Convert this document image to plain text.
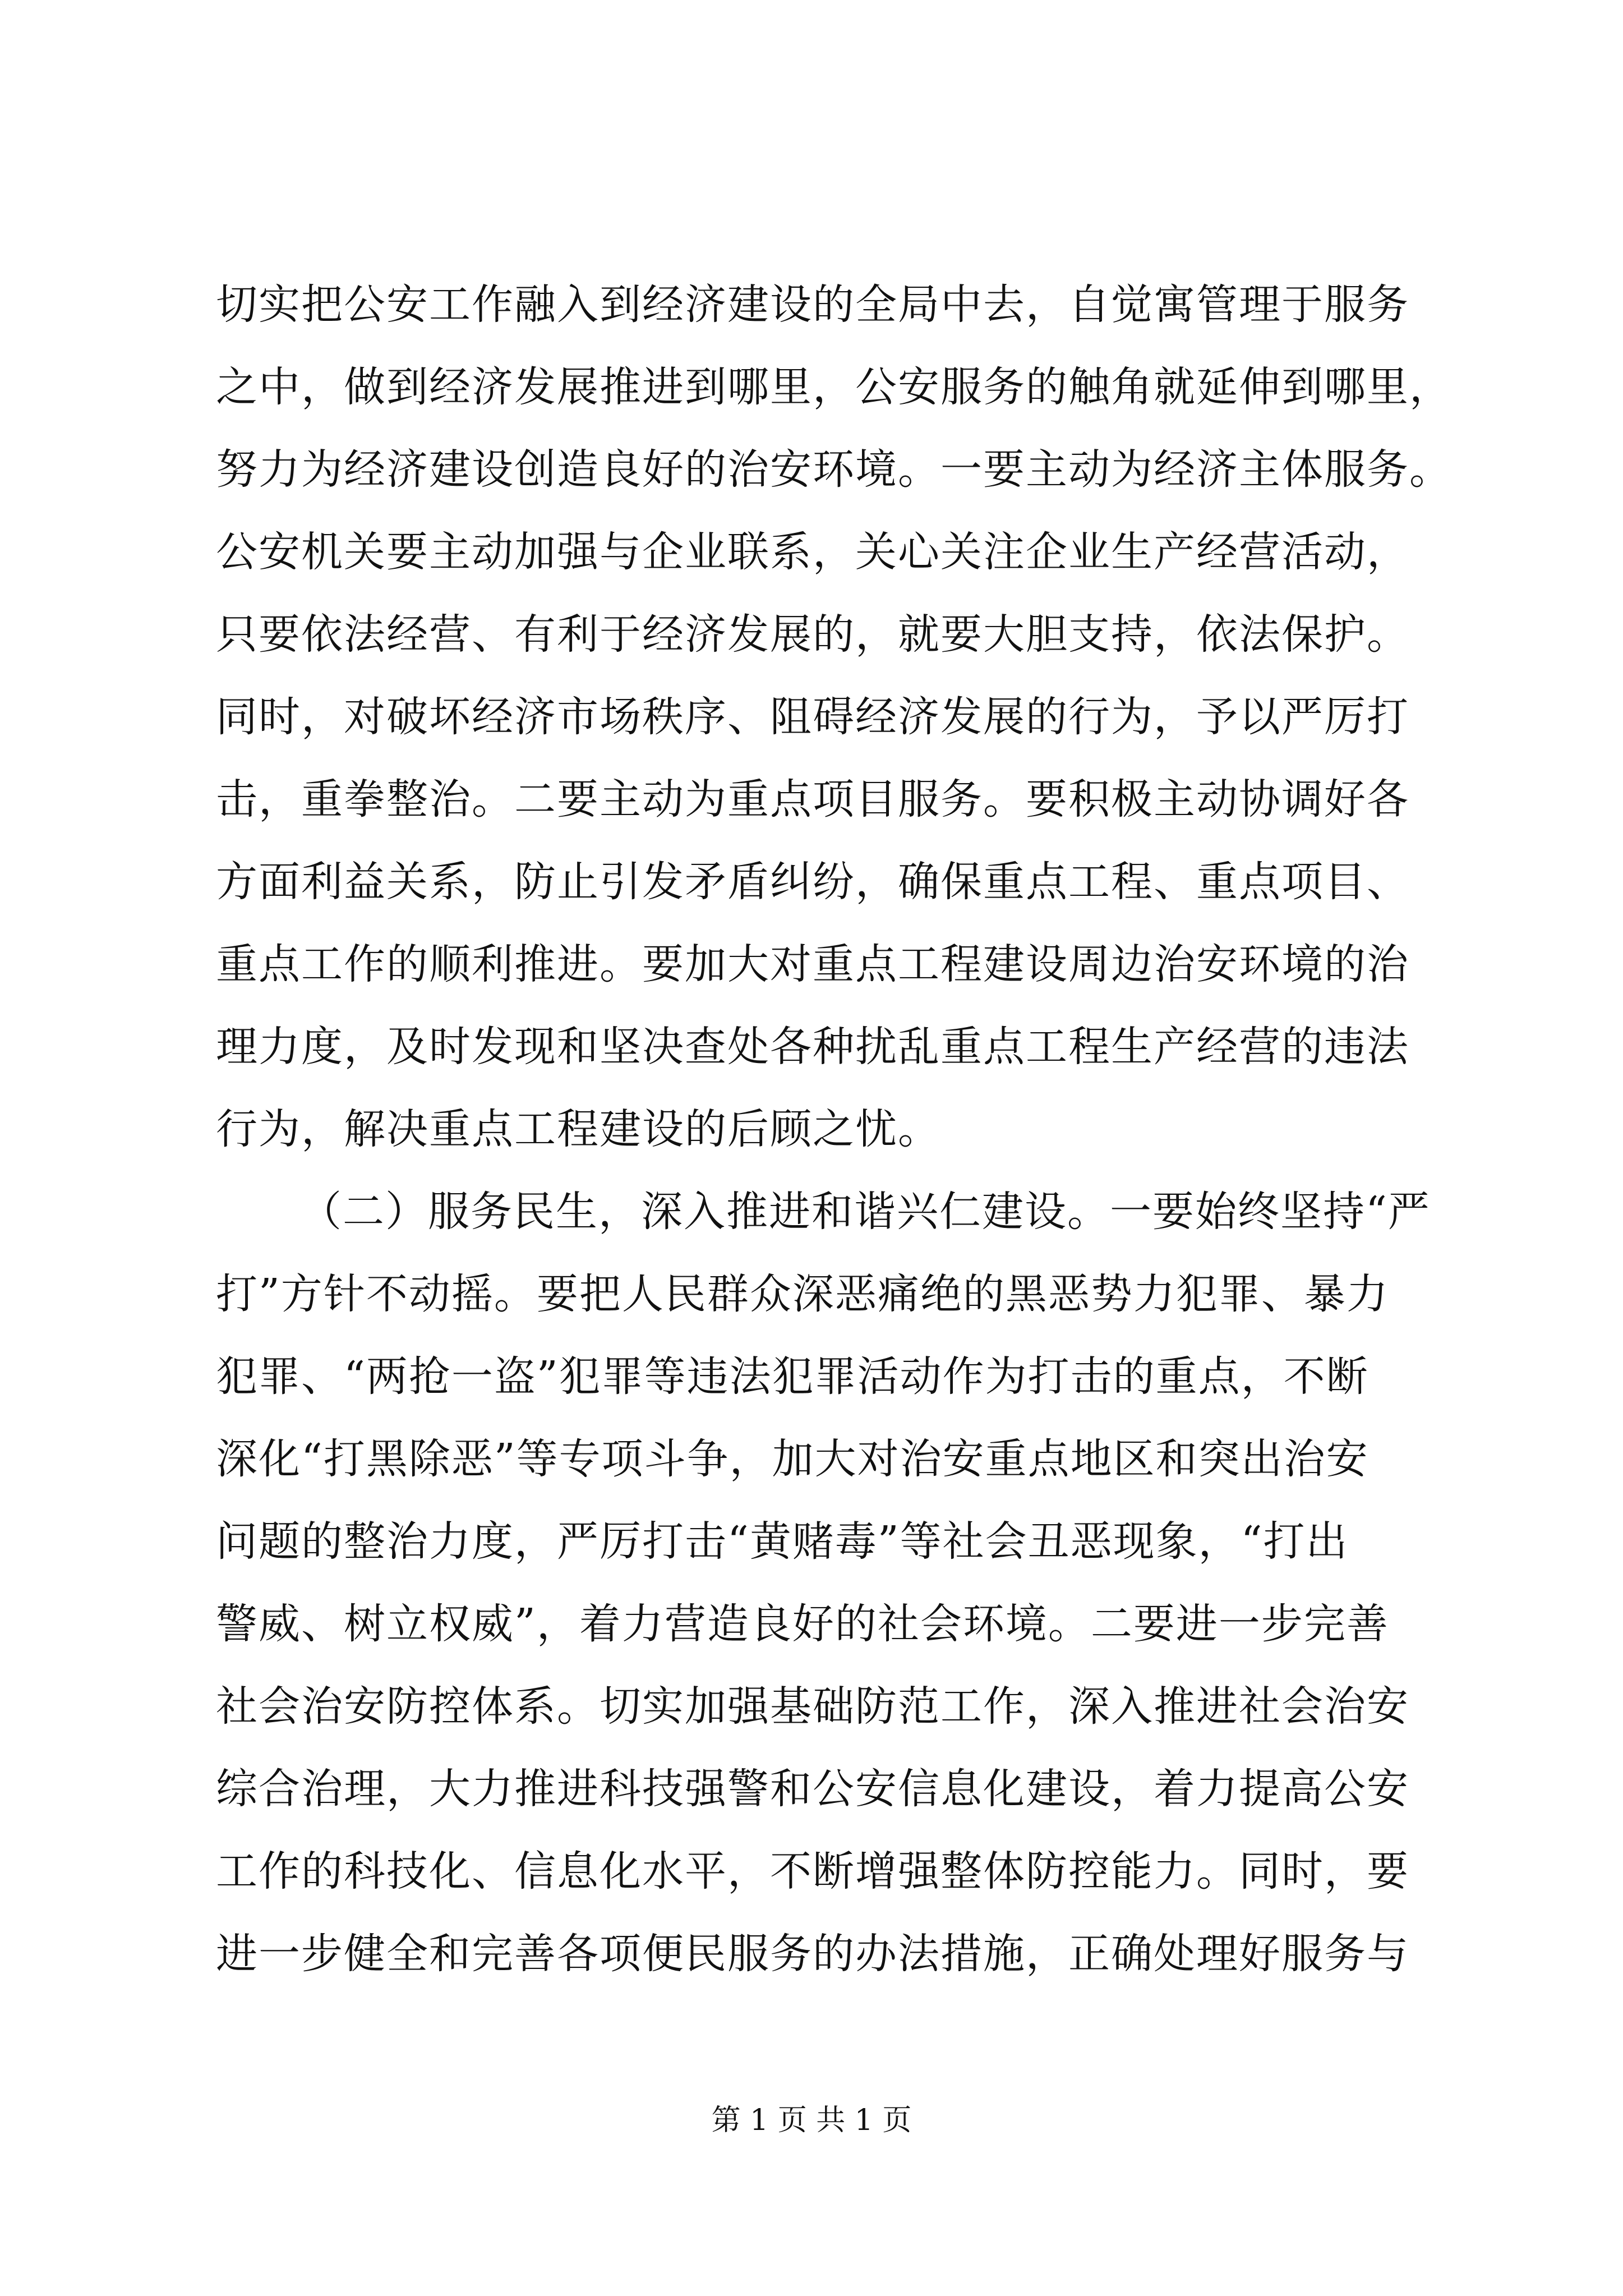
切实把公安工作融入到经济建设的全局中去，自觉寓管理于服务
之中，做到经济发展推进到哪里，公安服务的触角就延伸到哪里，
努力为经济建设创造良好的治安环境。一要主动为经济主体服务。
公安机关要主动加强与企业联系，关心关注企业生产经营活动，
只要依法经营、有利于经济发展的，就要大胆支持，依法保护。
同时，对破坏经济市场秩序、阻碍经济发展的行为，予以严厉打
击，重拳整治。二要主动为重点项目服务。要积极主动协调好各
方面利益关系，防止引发矛盾纠纷，确保重点工程、重点项目、
重点工作的顺利推进。要加大对重点工程建设周边治安环境的治
理力度，及时发现和坚决查处各种扰乱重点工程生产经营的违法
行为，解决重点工程建设的后顾之忧。
（二）服务民生，深入推进和谐兴仁建设。一要始终坚持“严
打”方针不动摇。要把人民群众深恶痛绝的黑恶势力犯罪、暴力
犯罪、“两抢一盗”犯罪等违法犯罪活动作为打击的重点，不断
深化“打黑除恶”等专项斗争，加大对治安重点地区和突出治安
问题的整治力度，严厉打击“黄赌毒”等社会丑恶现象，“打出
警威、树立权威”，着力营造良好的社会环境。二要进一步完善
社会治安防控体系。切实加强基础防范工作，深入推进社会治安
综合治理，大力推进科技强警和公安信息化建设，着力提高公安
工作的科技化、信息化水平，不断增强整体防控能力。同时，要
进一步健全和完善各项便民服务的办法措施，正确处理好服务与
第 1 页 共 1 页
